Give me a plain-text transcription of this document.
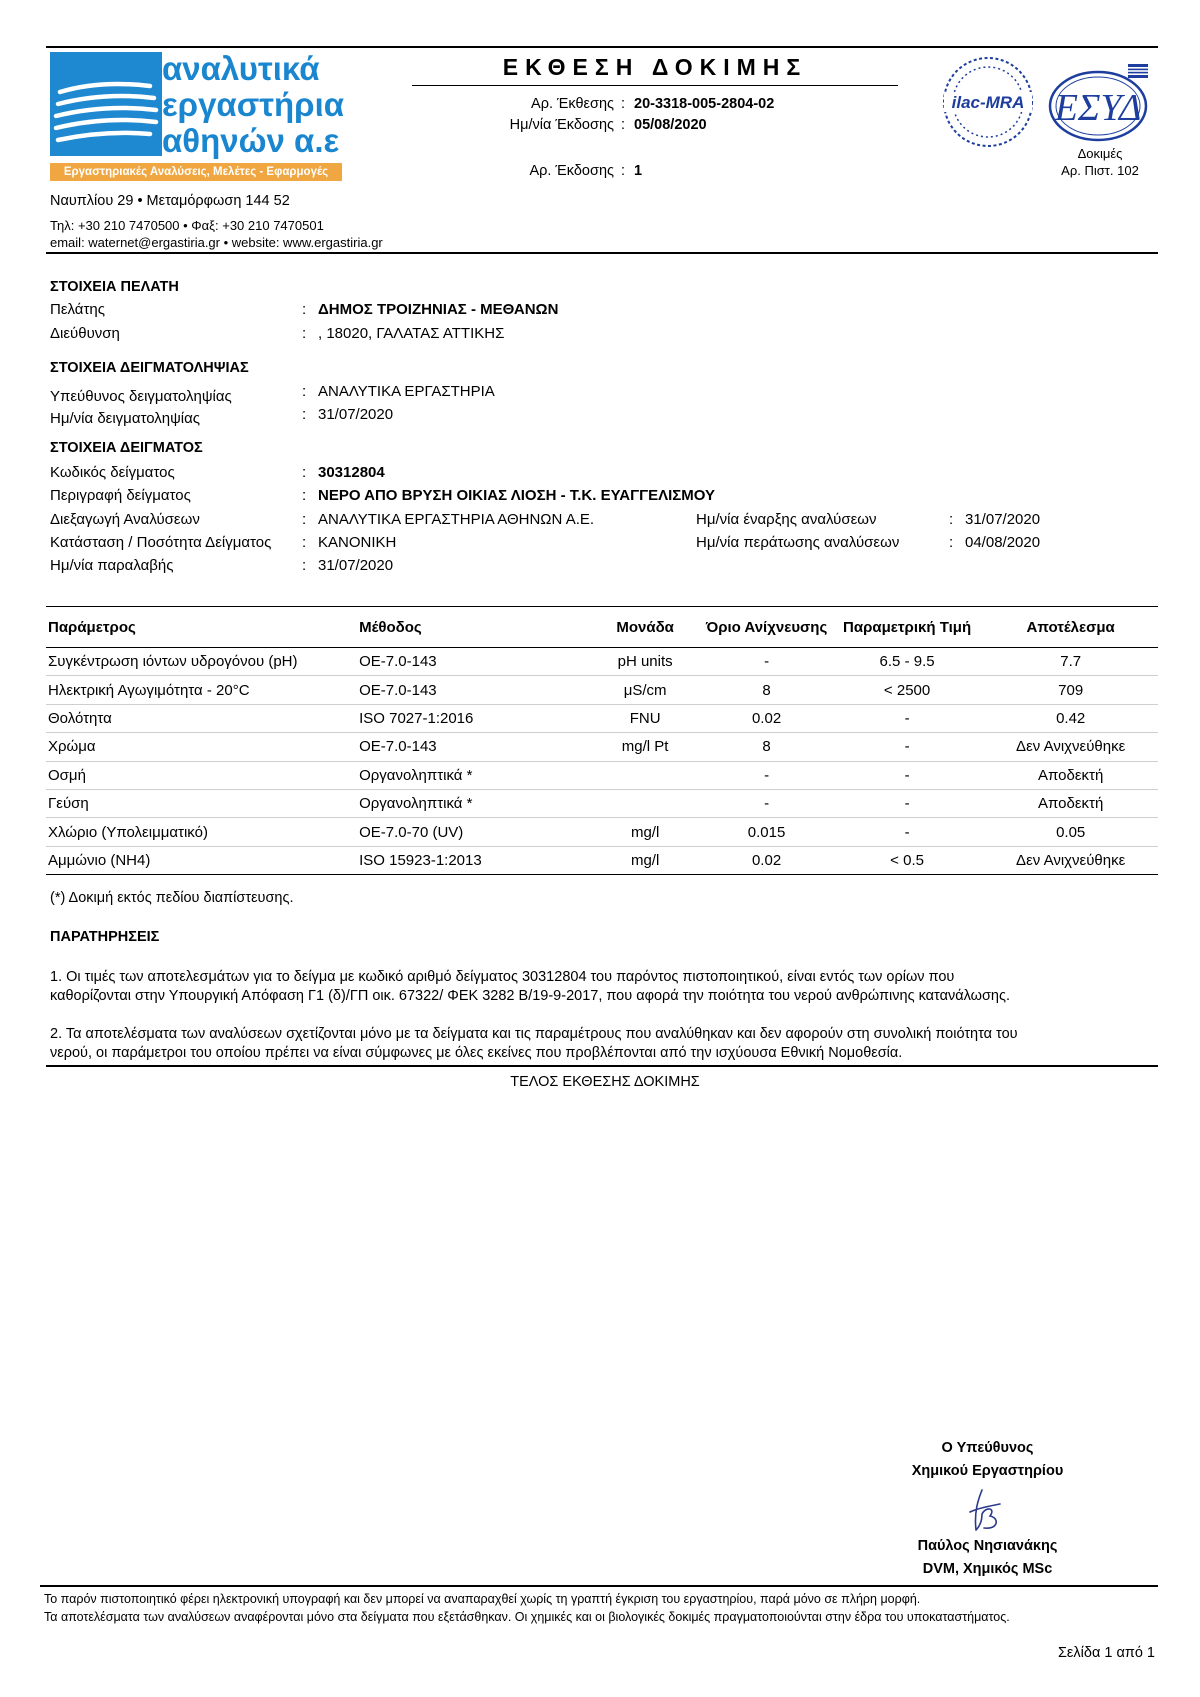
αναλυτικά
εργαστήρια
αθηνών α.ε
Εργαστηριακές Αναλύσεις, Μελέτες - Εφαρμογές
Ναυπλίου 29 • Μεταμόρφωση 144 52
Τηλ: +30 210 7470500 • Φαξ: +30 210 7470501
email: waternet@ergastiria.gr • website: www.ergastiria.gr
ΕΚΘΕΣΗ ΔΟΚΙΜΗΣ
Αρ. Έκθεσης : 20-3318-005-2804-02
Ημ/νία Έκδοσης : 05/08/2020
Αρ. Έκδοσης : 1
ilac-MRA ΕΣΥΔ
Δοκιμές
Αρ. Πιστ. 102
ΣΤΟΙΧΕΙΑ ΠΕΛΑΤΗ
Πελάτης	: ΔΗΜΟΣ ΤΡΟΙΖΗΝΙΑΣ - ΜΕΘΑΝΩΝ
Διεύθυνση	: , 18020, ΓΑΛΑΤΑΣ ΑΤΤΙΚΗΣ
ΣΤΟΙΧΕΙΑ ΔΕΙΓΜΑΤΟΛΗΨΙΑΣ
Υπεύθυνος δειγματοληψίας	: ΑΝΑΛΥΤΙΚΑ ΕΡΓΑΣΤΗΡΙΑ
Ημ/νία δειγματοληψίας	: 31/07/2020
ΣΤΟΙΧΕΙΑ ΔΕΙΓΜΑΤΟΣ
Κωδικός δείγματος	: 30312804
Περιγραφή δείγματος	: ΝΕΡΟ ΑΠΟ ΒΡΥΣΗ ΟΙΚΙΑΣ ΛΙΟΣΗ - Τ.Κ. ΕΥΑΓΓΕΛΙΣΜΟΥ
Διεξαγωγή Αναλύσεων	: ΑΝΑΛΥΤΙΚΑ ΕΡΓΑΣΤΗΡΙΑ ΑΘΗΝΩΝ Α.Ε.
Κατάσταση / Ποσότητα Δείγματος : ΚΑΝΟΝΙΚΗ
Ημ/νία παραλαβής	: 31/07/2020
Ημ/νία έναρξης αναλύσεων	: 31/07/2020
Ημ/νία περάτωσης αναλύσεων	: 04/08/2020
Παράμετρος	Μέθοδος	Μονάδα	Όριο Ανίχνευσης	Παραμετρική Τιμή	Αποτέλεσμα
Συγκέντρωση ιόντων υδρογόνου (pH)	ΟΕ-7.0-143	pH units	-	6.5 - 9.5	7.7
Ηλεκτρική Αγωγιμότητα - 20°C	ΟΕ-7.0-143	μS/cm	8	< 2500	709
Θολότητα	ISO 7027-1:2016	FNU	0.02	-	0.42
Χρώμα	ΟΕ-7.0-143	mg/l Pt	8	-	Δεν Ανιχνεύθηκε
Οσμή	Οργανοληπτικά *		-	-	Αποδεκτή
Γεύση	Οργανοληπτικά *		-	-	Αποδεκτή
Χλώριο (Υπολειμματικό)	ΟΕ-7.0-70 (UV)	mg/l	0.015	-	0.05
Αμμώνιο (NH4)	ISO 15923-1:2013	mg/l	0.02	< 0.5	Δεν Ανιχνεύθηκε
(*) Δοκιμή εκτός πεδίου διαπίστευσης.
ΠΑΡΑΤΗΡΗΣΕΙΣ
1. Οι τιμές των αποτελεσμάτων για το δείγμα με κωδικό αριθμό δείγματος 30312804 του παρόντος πιστοποιητικού, είναι εντός των ορίων που
καθορίζονται στην Υπουργική Απόφαση Γ1 (δ)/ΓΠ οικ. 67322/ ΦΕΚ 3282 Β/19-9-2017, που αφορά την ποιότητα του νερού ανθρώπινης κατανάλωσης.
2. Τα αποτελέσματα των αναλύσεων σχετίζονται μόνο με τα δείγματα και τις παραμέτρους που αναλύθηκαν και δεν αφορούν στη συνολική ποιότητα του
νερού, οι παράμετροι του οποίου πρέπει να είναι σύμφωνες με όλες εκείνες που προβλέπονται από την ισχύουσα Εθνική Νομοθεσία.
ΤΕΛΟΣ ΕΚΘΕΣΗΣ ΔΟΚΙΜΗΣ
Ο Υπεύθυνος
Χημικού Εργαστηρίου
Παύλος Νησιανάκης
DVM, Χημικός MSc
Το παρόν πιστοποιητικό φέρει ηλεκτρονική υπογραφή και δεν μπορεί να αναπαραχθεί χωρίς τη γραπτή έγκριση του εργαστηρίου, παρά μόνο σε πλήρη μορφή.
Τα αποτελέσματα των αναλύσεων αναφέρονται μόνο στα δείγματα που εξετάσθηκαν. Οι χημικές και οι βιολογικές δοκιμές πραγματοποιούνται στην έδρα του υποκαταστήματος.
Σελίδα 1 από 1
